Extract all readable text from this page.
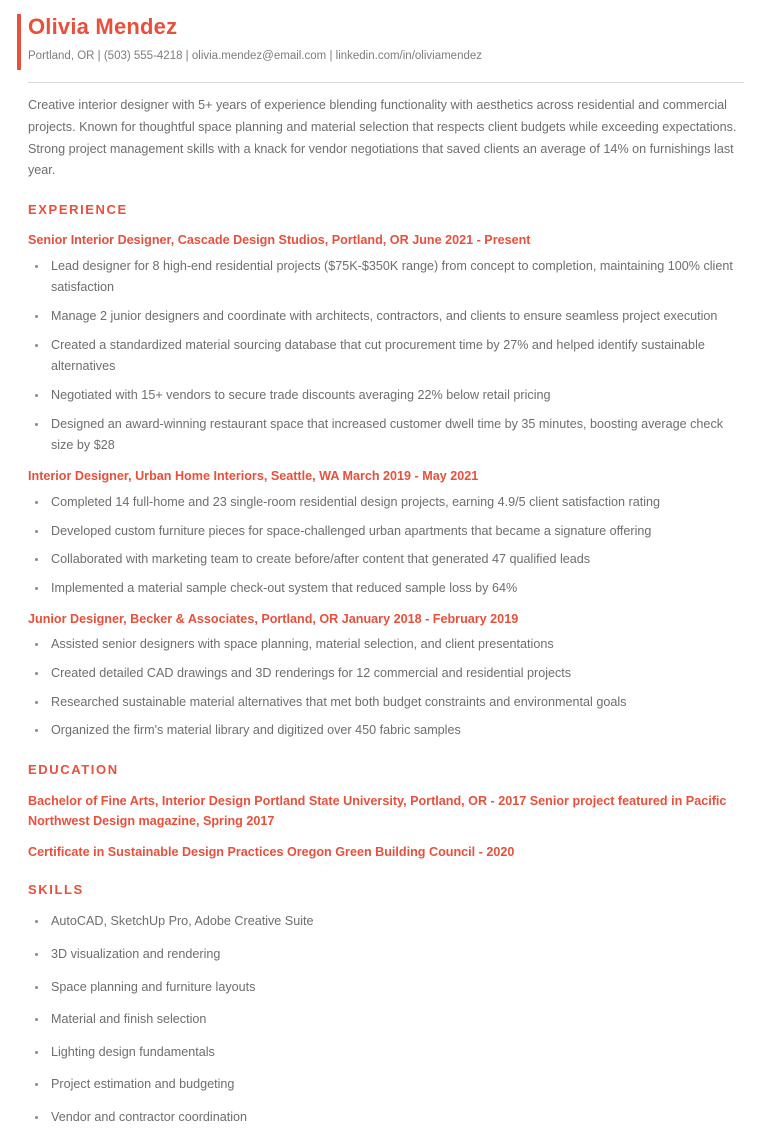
Olivia Mendez

Portland, OR | (503) 555-4218 | olivia.mendez@email.com | linkedin.com/in/oliviamendez

Creative interior designer with 5+ years of experience blending functionality with aesthetics across residential and commercial projects. Known for thoughtful space planning and material selection that respects client budgets while exceeding expectations. Strong project management skills with a knack for vendor negotiations that saved clients an average of 14% on furnishings last year.

EXPERIENCE
Senior Interior Designer, Cascade Design Studios, Portland, OR June 2021 - Present
Lead designer for 8 high-end residential projects ($75K-$350K range) from concept to completion, maintaining 100% client satisfaction
Manage 2 junior designers and coordinate with architects, contractors, and clients to ensure seamless project execution
Created a standardized material sourcing database that cut procurement time by 27% and helped identify sustainable alternatives
Negotiated with 15+ vendors to secure trade discounts averaging 22% below retail pricing
Designed an award-winning restaurant space that increased customer dwell time by 35 minutes, boosting average check size by $28
Interior Designer, Urban Home Interiors, Seattle, WA March 2019 - May 2021
Completed 14 full-home and 23 single-room residential design projects, earning 4.9/5 client satisfaction rating
Developed custom furniture pieces for space-challenged urban apartments that became a signature offering
Collaborated with marketing team to create before/after content that generated 47 qualified leads
Implemented a material sample check-out system that reduced sample loss by 64%
Junior Designer, Becker & Associates, Portland, OR January 2018 - February 2019
Assisted senior designers with space planning, material selection, and client presentations
Created detailed CAD drawings and 3D renderings for 12 commercial and residential projects
Researched sustainable material alternatives that met both budget constraints and environmental goals
Organized the firm's material library and digitized over 450 fabric samples
EDUCATION
Bachelor of Fine Arts, Interior Design Portland State University, Portland, OR - 2017 Senior project featured in Pacific Northwest Design magazine, Spring 2017
Certificate in Sustainable Design Practices Oregon Green Building Council - 2020
SKILLS
AutoCAD, SketchUp Pro, Adobe Creative Suite
3D visualization and rendering
Space planning and furniture layouts
Material and finish selection
Lighting design fundamentals
Project estimation and budgeting
Vendor and contractor coordination
